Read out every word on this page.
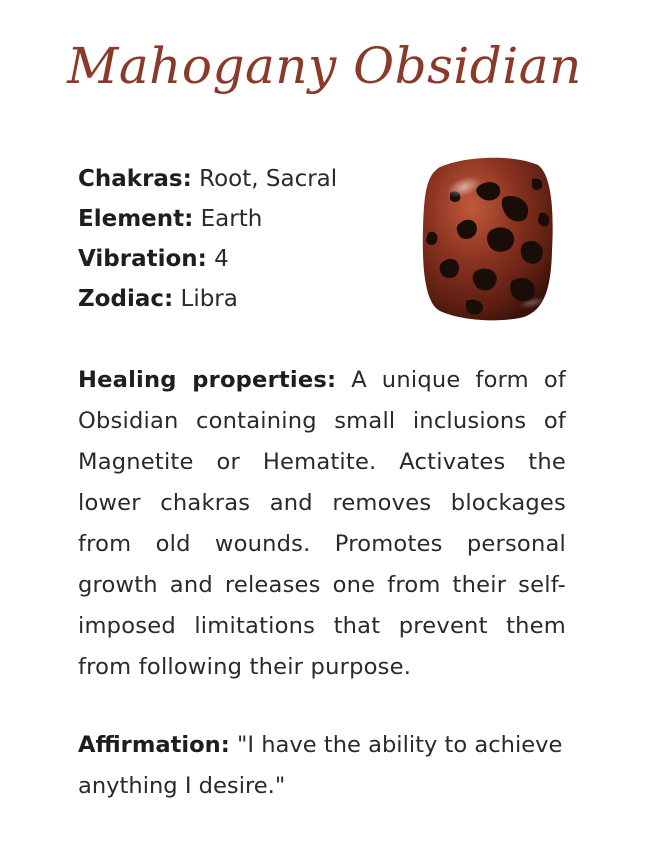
Mahogany Obsidian
Chakras: Root, Sacral
Element: Earth
Vibration: 4
Zodiac: Libra
Healing properties: A unique form of Obsidian containing small inclusions of Magnetite or Hematite. Activates the lower chakras and removes blockages from old wounds. Promotes personal growth and releases one from their self-imposed limitations that prevent them from following their purpose.
Affirmation: "I have the ability to achieve anything I desire."
